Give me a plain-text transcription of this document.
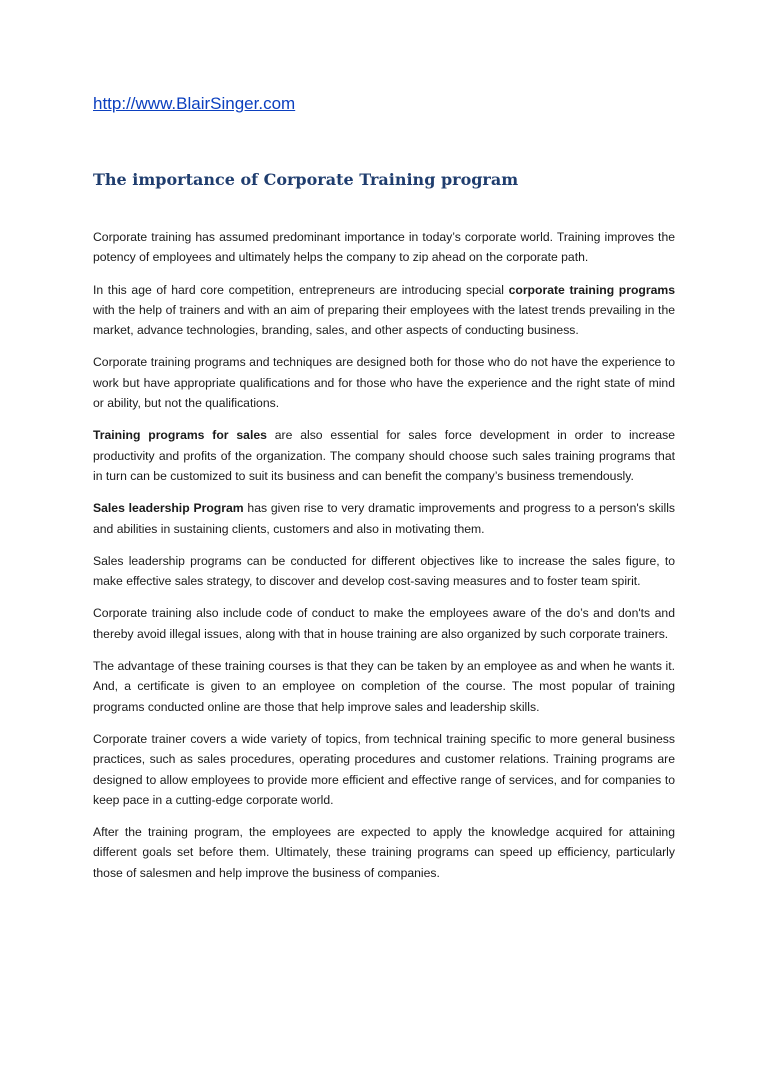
http://www.BlairSinger.com
The importance of Corporate Training program

Corporate training has assumed predominant importance in today’s corporate world. Training improves the potency of employees and ultimately helps the company to zip ahead on the corporate path.

In this age of hard core competition, entrepreneurs are introducing special corporate training programs with the help of trainers and with an aim of preparing their employees with the latest trends prevailing in the market, advance technologies, branding, sales, and other aspects of conducting business.

Corporate training programs and techniques are designed both for those who do not have the experience to work but have appropriate qualifications and for those who have the experience and the right state of mind or ability, but not the qualifications.

Training programs for sales are also essential for sales force development in order to increase productivity and profits of the organization. The company should choose such sales training programs that in turn can be customized to suit its business and can benefit the company’s business tremendously.

Sales leadership Program has given rise to very dramatic improvements and progress to a person's skills and abilities in sustaining clients, customers and also in motivating them.

Sales leadership programs can be conducted for different objectives like to increase the sales figure, to make effective sales strategy, to discover and develop cost-saving measures and to foster team spirit.

Corporate training also include code of conduct to make the employees aware of the do’s and don'ts and thereby avoid illegal issues, along with that in house training are also organized by such corporate trainers.

The advantage of these training courses is that they can be taken by an employee as and when he wants it. And, a certificate is given to an employee on completion of the course. The most popular of training programs conducted online are those that help improve sales and leadership skills.

Corporate trainer covers a wide variety of topics, from technical training specific to more general business practices, such as sales procedures, operating procedures and customer relations. Training programs are designed to allow employees to provide more efficient and effective range of services, and for companies to keep pace in a cutting-edge corporate world.

After the training program, the employees are expected to apply the knowledge acquired for attaining different goals set before them. Ultimately, these training programs can speed up efficiency, particularly those of salesmen and help improve the business of companies.
